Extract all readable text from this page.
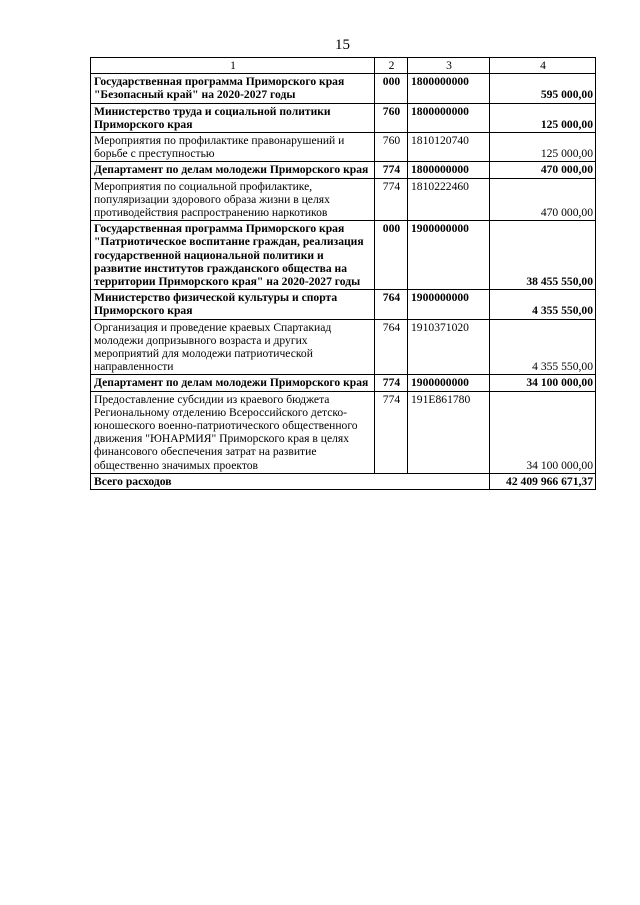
15
1	2	3	4
Государственная программа Приморского края "Безопасный край" на 2020-2027 годы	000	1800000000	595 000,00
Министерство труда и социальной политики Приморского края	760	1800000000	125 000,00
Мероприятия по профилактике правонарушений и борьбе с преступностью	760	1810120740	125 000,00
Департамент по делам молодежи Приморского края	774	1800000000	470 000,00
Мероприятия по социальной профилактике, популяризации здорового образа жизни в целях противодействия распространению наркотиков	774	1810222460	470 000,00
Государственная программа Приморского края "Патриотическое воспитание граждан, реализация государственной национальной политики и развитие институтов гражданского общества на территории Приморского края" на 2020-2027 годы	000	1900000000	38 455 550,00
Министерство физической культуры и спорта Приморского края	764	1900000000	4 355 550,00
Организация и проведение краевых Спартакиад молодежи допризывного возраста и других мероприятий для молодежи патриотической направленности	764	1910371020	4 355 550,00
Департамент по делам молодежи Приморского края	774	1900000000	34 100 000,00
Предоставление субсидии из краевого бюджета Региональному отделению Всероссийского детско-юношеского военно-патриотического общественного движения "ЮНАРМИЯ" Приморского края в целях финансового обеспечения затрат на развитие общественно значимых проектов	774	191E861780	34 100 000,00
Всего расходов			42 409 966 671,37
